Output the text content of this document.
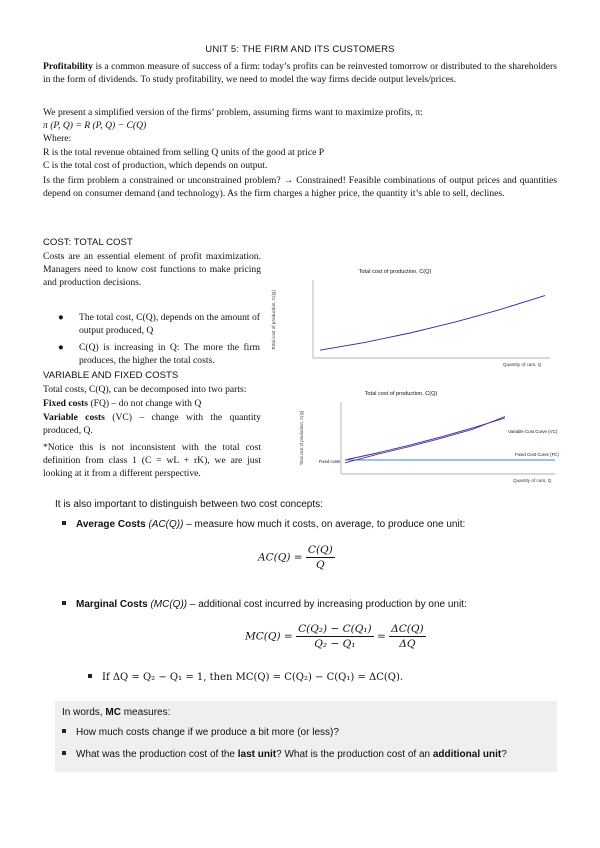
UNIT 5: THE FIRM AND ITS CUSTOMERS

Profitability is a common measure of success of a firm: today’s profits can be reinvested tomorrow or distributed to the shareholders in the form of dividends. To study profitability, we need to model the way firms decide output levels/prices.

We present a simplified version of the firms’ problem, assuming firms want to maximize profits, π:
π (P, Q) = R (P, Q) − C(Q)
Where:
R is the total revenue obtained from selling Q units of the good at price P
C is the total cost of production, which depends on output.

Is the firm problem a constrained or unconstrained problem? → Constrained! Feasible combinations of output prices and quantities depend on consumer demand (and technology). As the firm charges a higher price, the quantity it’s able to sell, declines.

COST: TOTAL COST
Costs are an essential element of profit maximization. Managers need to know cost functions to make pricing and production decisions.
● The total cost, C(Q), depends on the amount of output produced, Q
● C(Q) is increasing in Q: The more the firm produces, the higher the total costs.
Total cost of production, C(Q)
Total cost of production, C(Q)
Quantity of cars, Q
VARIABLE AND FIXED COSTS
Total costs, C(Q), can be decomposed into two parts:
Fixed costs (FQ) – do not change with Q
Variable costs (VC) – change with the quantity produced, Q.
*Notice this is not inconsistent with the total cost definition from class 1 (C = wL + rK), we are just looking at it from a different perspective.
Total cost of production, C(Q)
Total cost of production, C(Q)
Quantity of cars, Q
Variable Cost Curve (VC)
Fixed Cost Curve (FC)
Fixed costs
It is also important to distinguish between two cost concepts:
Average Costs (AC(Q)) – measure how much it costs, on average, to produce one unit:
$AC(Q) = \frac{C(Q)}{Q}$
Marginal Costs (MC(Q)) – additional cost incurred by increasing production by one unit:
$MC(Q) = \frac{\text{C(Q₂) − C(Q₁)}}{\text{Q₂ − Q₁}} = \frac{\Delta C(Q)}{\Delta Q}$
If ΔQ = Q₂ − Q₁ = 1, then MC(Q) = C(Q₂) − C(Q₁) = ΔC(Q).
In words, MC measures:
How much costs change if we produce a bit more (or less)?
What was the production cost of the last unit? What is the production cost of an additional unit?
